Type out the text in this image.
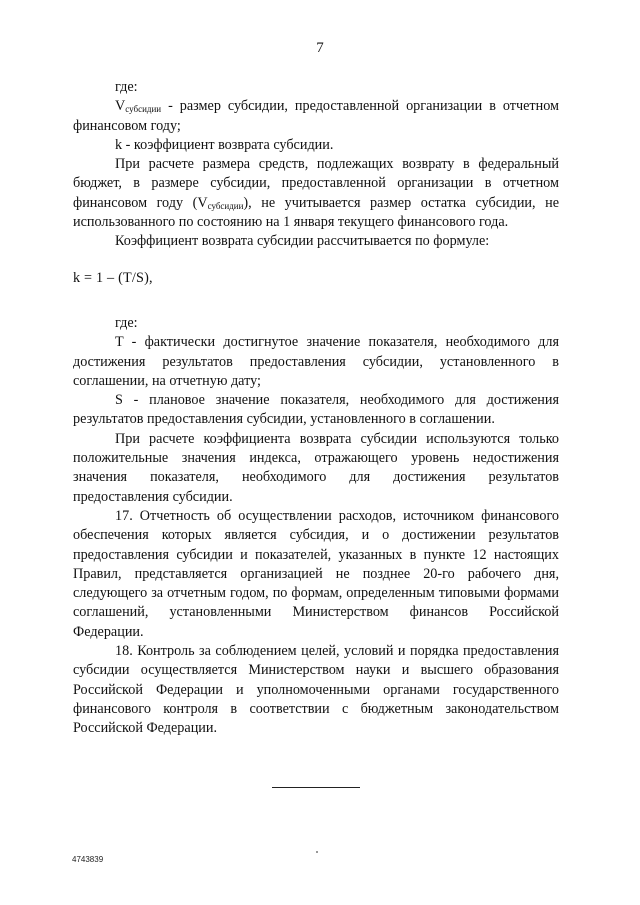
7

где:

$V_{субсидии}$ - размер субсидии, предоставленной организации в отчетном финансовом году;

k - коэффициент возврата субсидии.

При расчете размера средств, подлежащих возврату в федеральный бюджет, в размере субсидии, предоставленной организации в отчетном финансовом году $(V_{субсидии})$, не учитывается размер остатка субсидии, не использованного по состоянию на 1 января текущего финансового года.

Коэффициент возврата субсидии рассчитывается по формуле:

k = 1 – (T/S),

где:

T - фактически достигнутое значение показателя, необходимого для достижения результатов предоставления субсидии, установленного в соглашении, на отчетную дату;

S - плановое значение показателя, необходимого для достижения результатов предоставления субсидии, установленного в соглашении.

При расчете коэффициента возврата субсидии используются только положительные значения индекса, отражающего уровень недостижения значения показателя, необходимого для достижения результатов предоставления субсидии.

17. Отчетность об осуществлении расходов, источником финансового обеспечения которых является субсидия, и о достижении результатов предоставления субсидии и показателей, указанных в пункте 12 настоящих Правил, представляется организацией не позднее 20-го рабочего дня, следующего за отчетным годом, по формам, определенным типовыми формами соглашений, установленными Министерством финансов Российской Федерации.

18. Контроль за соблюдением целей, условий и порядка предоставления субсидии осуществляется Министерством науки и высшего образования Российской Федерации и уполномоченными органами государственного финансового контроля в соответствии с бюджетным законодательством Российской Федерации.

4743839
